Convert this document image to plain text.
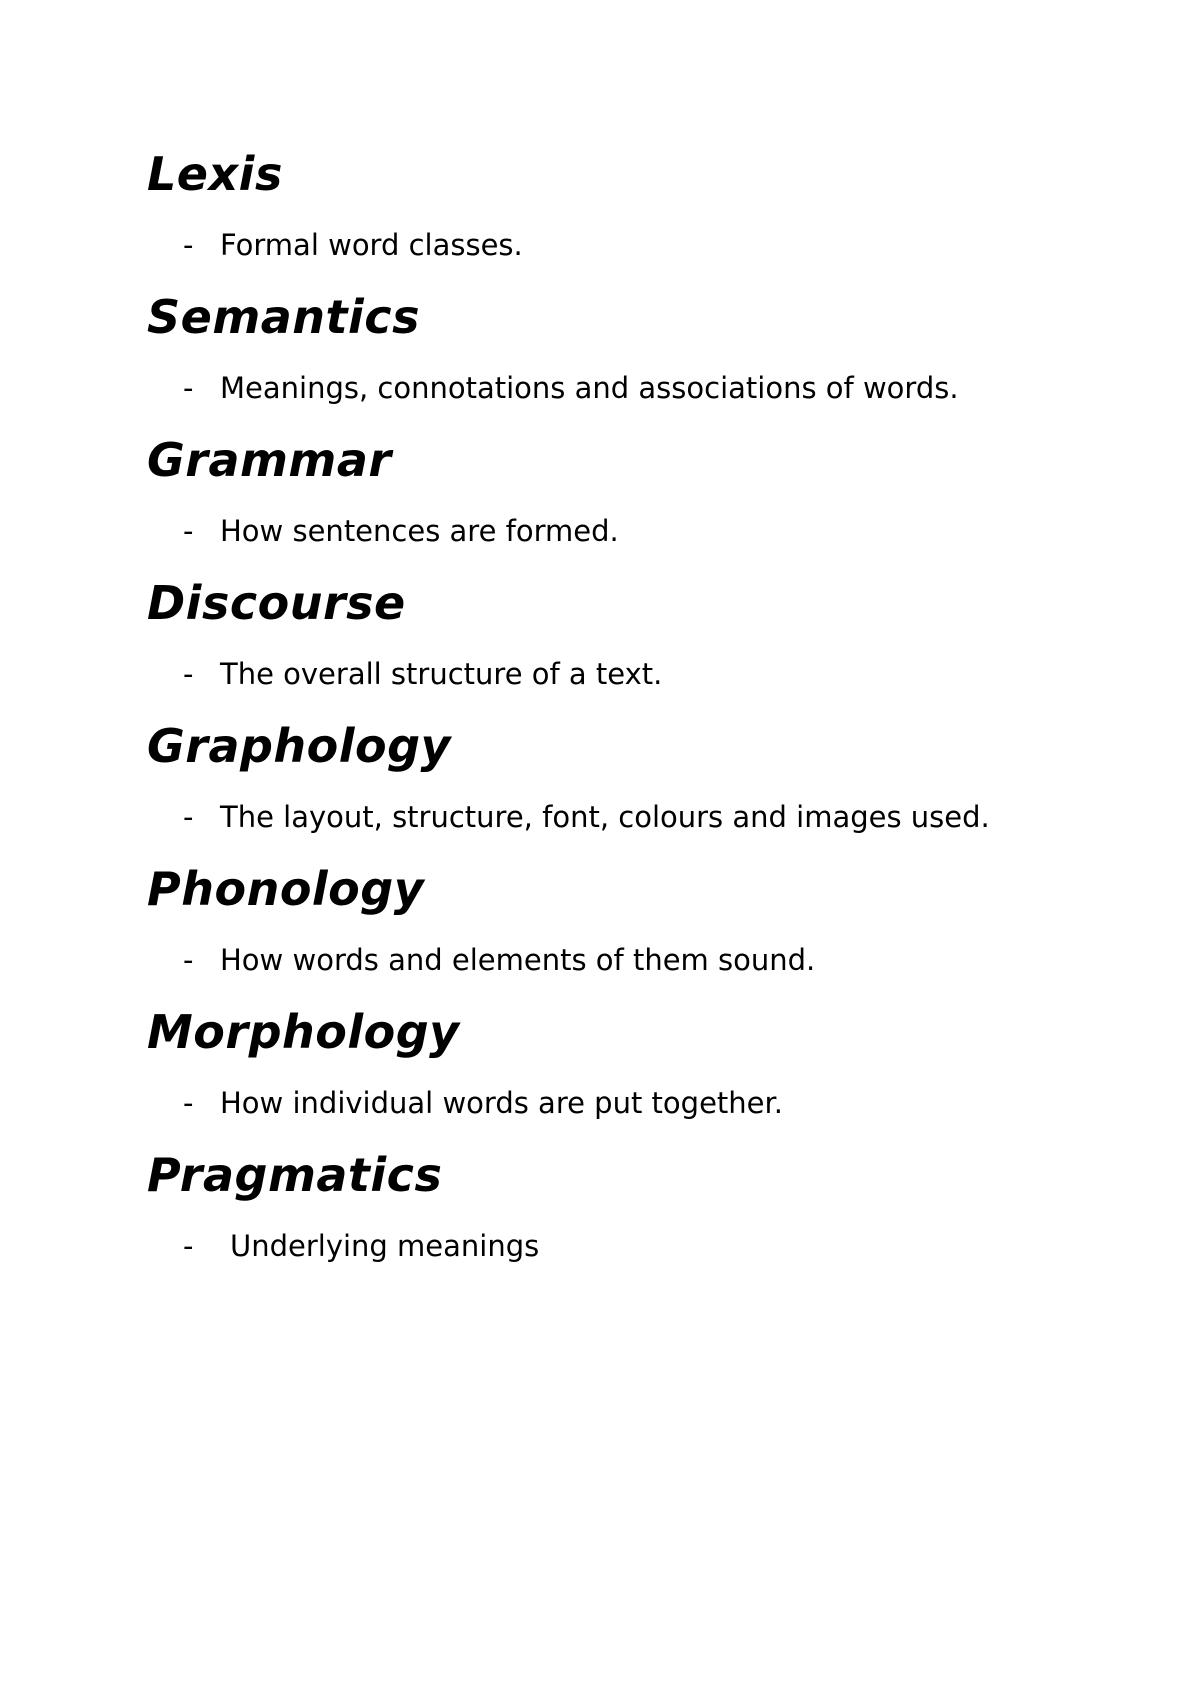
Lexis
- Formal word classes.
Semantics
- Meanings, connotations and associations of words.
Grammar
- How sentences are formed.
Discourse
- The overall structure of a text.
Graphology
- The layout, structure, font, colours and images used.
Phonology
- How words and elements of them sound.
Morphology
- How individual words are put together.
Pragmatics
-	Underlying meanings
